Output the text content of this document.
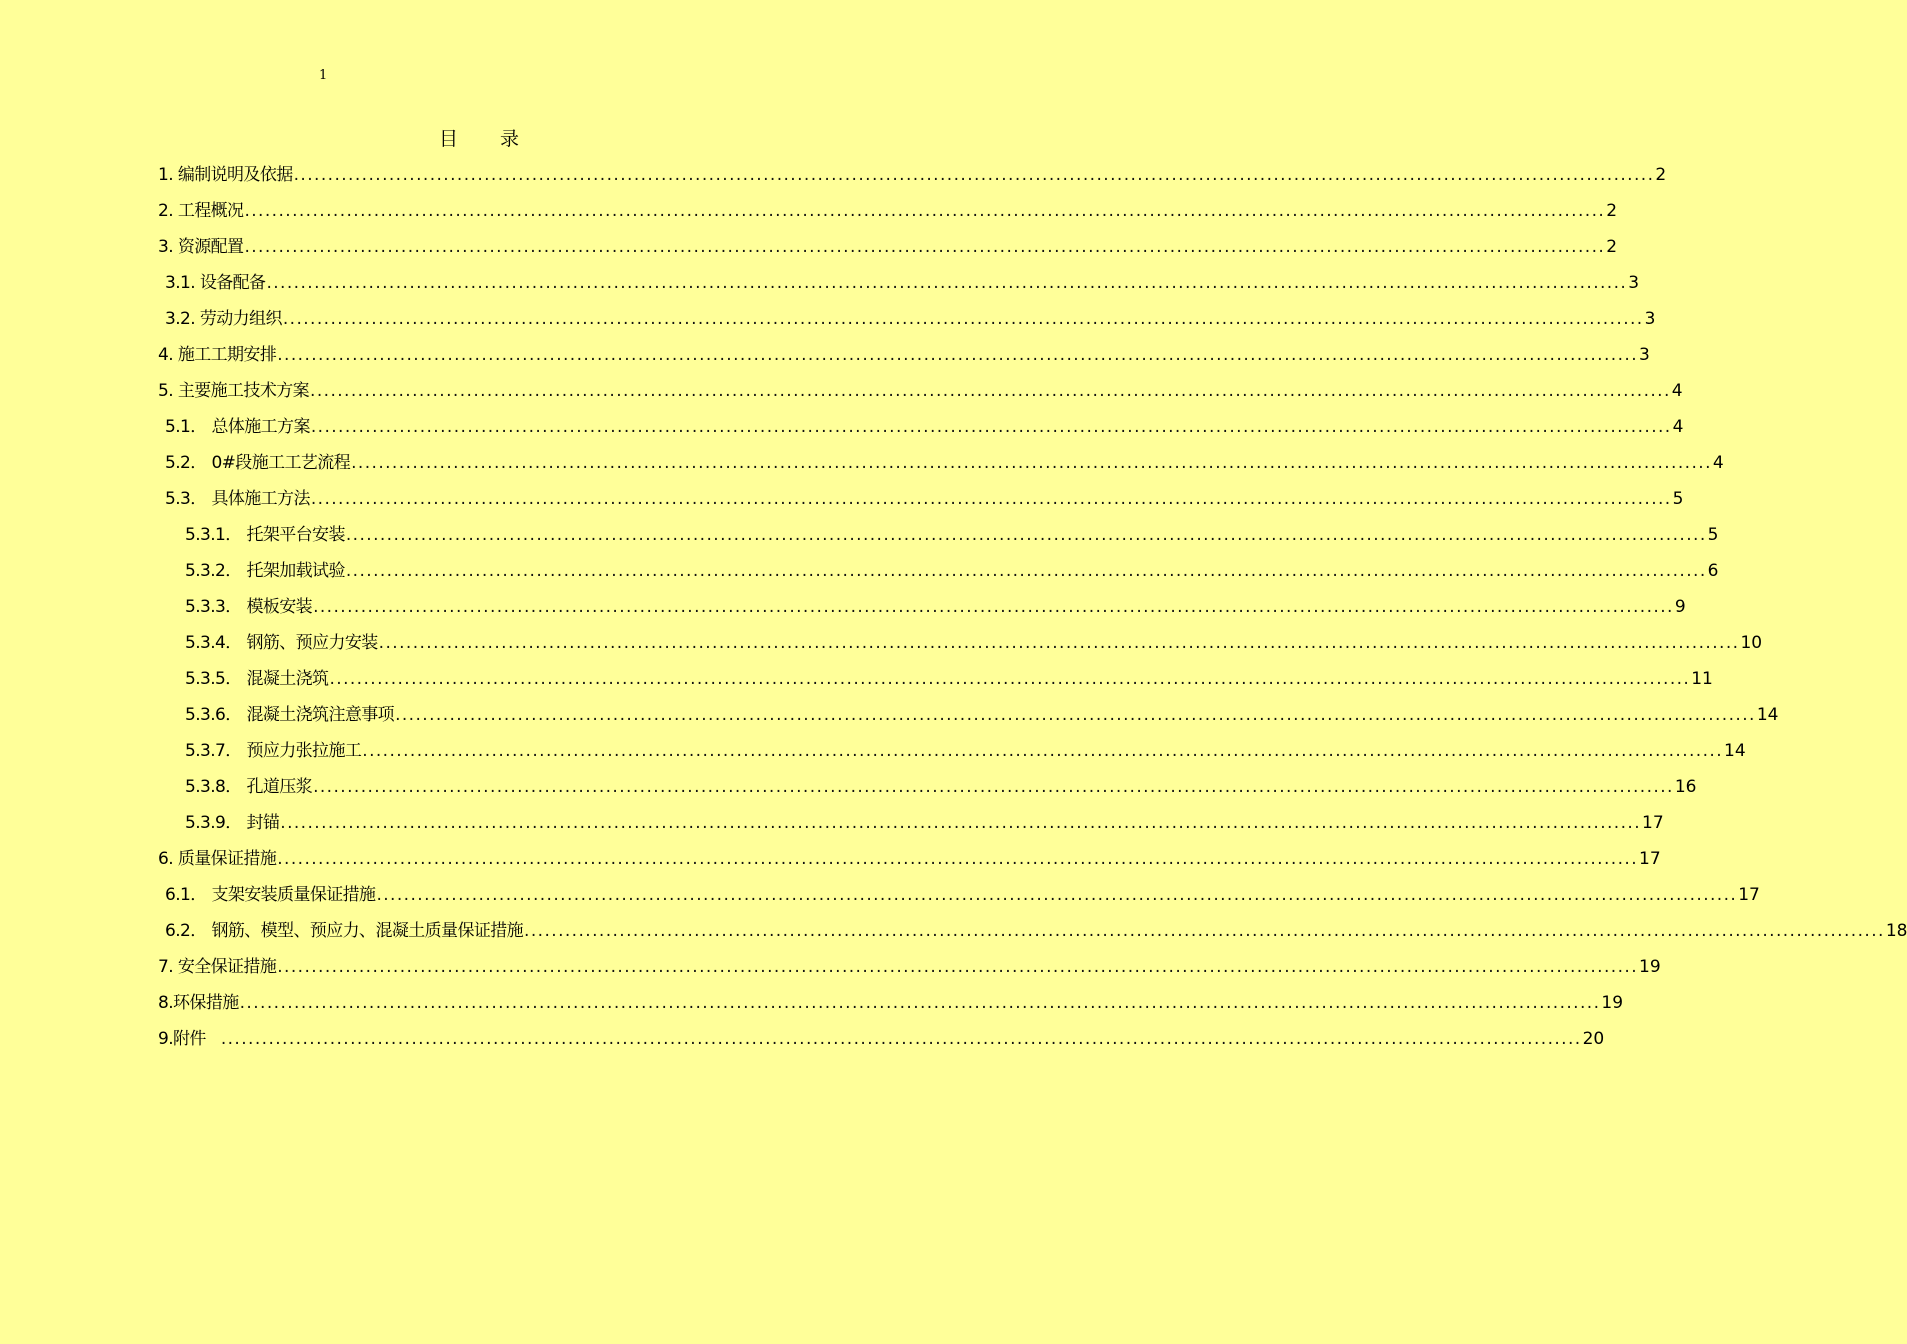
1
目 录
1. 编制说明及依据 ........................................................................................................................................................................................................ 2
2. 工程概况 ........................................................................................................................................................................................................ 2
3. 资源配置 ........................................................................................................................................................................................................ 2
3.1. 设备配备 ........................................................................................................................................................................................................ 3
3.2. 劳动力组织 ........................................................................................................................................................................................................ 3
4. 施工工期安排 ........................................................................................................................................................................................................ 3
5. 主要施工技术方案 ........................................................................................................................................................................................................ 4
5.1． 总体施工方案 ........................................................................................................................................................................................................ 4
5.2． 0#段施工工艺流程 ........................................................................................................................................................................................................ 4
5.3． 具体施工方法 ........................................................................................................................................................................................................ 5
5.3.1． 托架平台安装 ........................................................................................................................................................................................................ 5
5.3.2． 托架加载试验 ........................................................................................................................................................................................................ 6
5.3.3． 模板安装 ........................................................................................................................................................................................................ 9
5.3.4． 钢筋、预应力安装 ........................................................................................................................................................................................................ 10
5.3.5． 混凝土浇筑 ........................................................................................................................................................................................................ 11
5.3.6． 混凝土浇筑注意事项 ........................................................................................................................................................................................................ 14
5.3.7． 预应力张拉施工 ........................................................................................................................................................................................................ 14
5.3.8． 孔道压浆 ........................................................................................................................................................................................................ 16
5.3.9． 封锚 ........................................................................................................................................................................................................ 17
6. 质量保证措施 ........................................................................................................................................................................................................ 17
6.1． 支架安装质量保证措施 ........................................................................................................................................................................................................ 17
6.2． 钢筋、模型、预应力、混凝土质量保证措施 ........................................................................................................................................................................................................ 18
7. 安全保证措施 ........................................................................................................................................................................................................ 19
8.环保措施 ........................................................................................................................................................................................................ 19
9.附件 ........................................................................................................................................................................................................ 20
